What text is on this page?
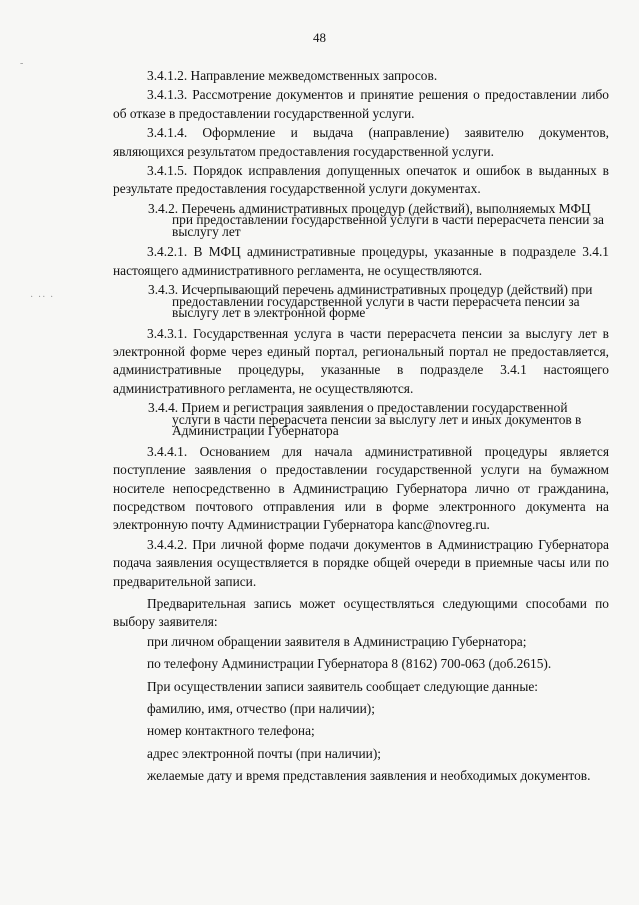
48
-
· ·· ·

3.4.1.2. Направление межведомственных запросов.

3.4.1.3. Рассмотрение документов и принятие решения о предоставлении либо об отказе в предоставлении государственной услуги.

3.4.1.4. Оформление и выдача (направление) заявителю документов, являющихся результатом предоставления государственной услуги.

3.4.1.5. Порядок исправления допущенных опечаток и ошибок в выданных в результате предоставления государственной услуги документах.

3.4.2. Перечень административных процедур (действий), выполняемых МФЦ при предоставлении государственной услуги в части перерасчета пенсии за выслугу лет

3.4.2.1. В МФЦ административные процедуры, указанные в подразделе 3.4.1 настоящего административного регламента, не осуществляются.

3.4.3. Исчерпывающий перечень административных процедур (действий) при предоставлении государственной услуги в части перерасчета пенсии за выслугу лет в электронной форме

3.4.3.1. Государственная услуга в части перерасчета пенсии за выслугу лет в электронной форме через единый портал, региональный портал не предоставляется, административные процедуры, указанные в подразделе 3.4.1 настоящего административного регламента, не осуществляются.

3.4.4. Прием и регистрация заявления о предоставлении государственной услуги в части перерасчета пенсии за выслугу лет и иных документов в Администрации Губернатора

3.4.4.1. Основанием для начала административной процедуры является поступление заявления о предоставлении государственной услуги на бумажном носителе непосредственно в Администрацию Губернатора лично от гражданина, посредством почтового отправления или в форме электронного документа на электронную почту Администрации Губернатора kanc@novreg.ru.

3.4.4.2. При личной форме подачи документов в Администрацию Губернатора подача заявления осуществляется в порядке общей очереди в приемные часы или по предварительной записи.

Предварительная запись может осуществляться следующими способами по выбору заявителя:

при личном обращении заявителя в Администрацию Губернатора;

по телефону Администрации Губернатора 8 (8162) 700-063 (доб.2615).

При осуществлении записи заявитель сообщает следующие данные:

фамилию, имя, отчество (при наличии);

номер контактного телефона;

адрес электронной почты (при наличии);

желаемые дату и время представления заявления и необходимых документов.
